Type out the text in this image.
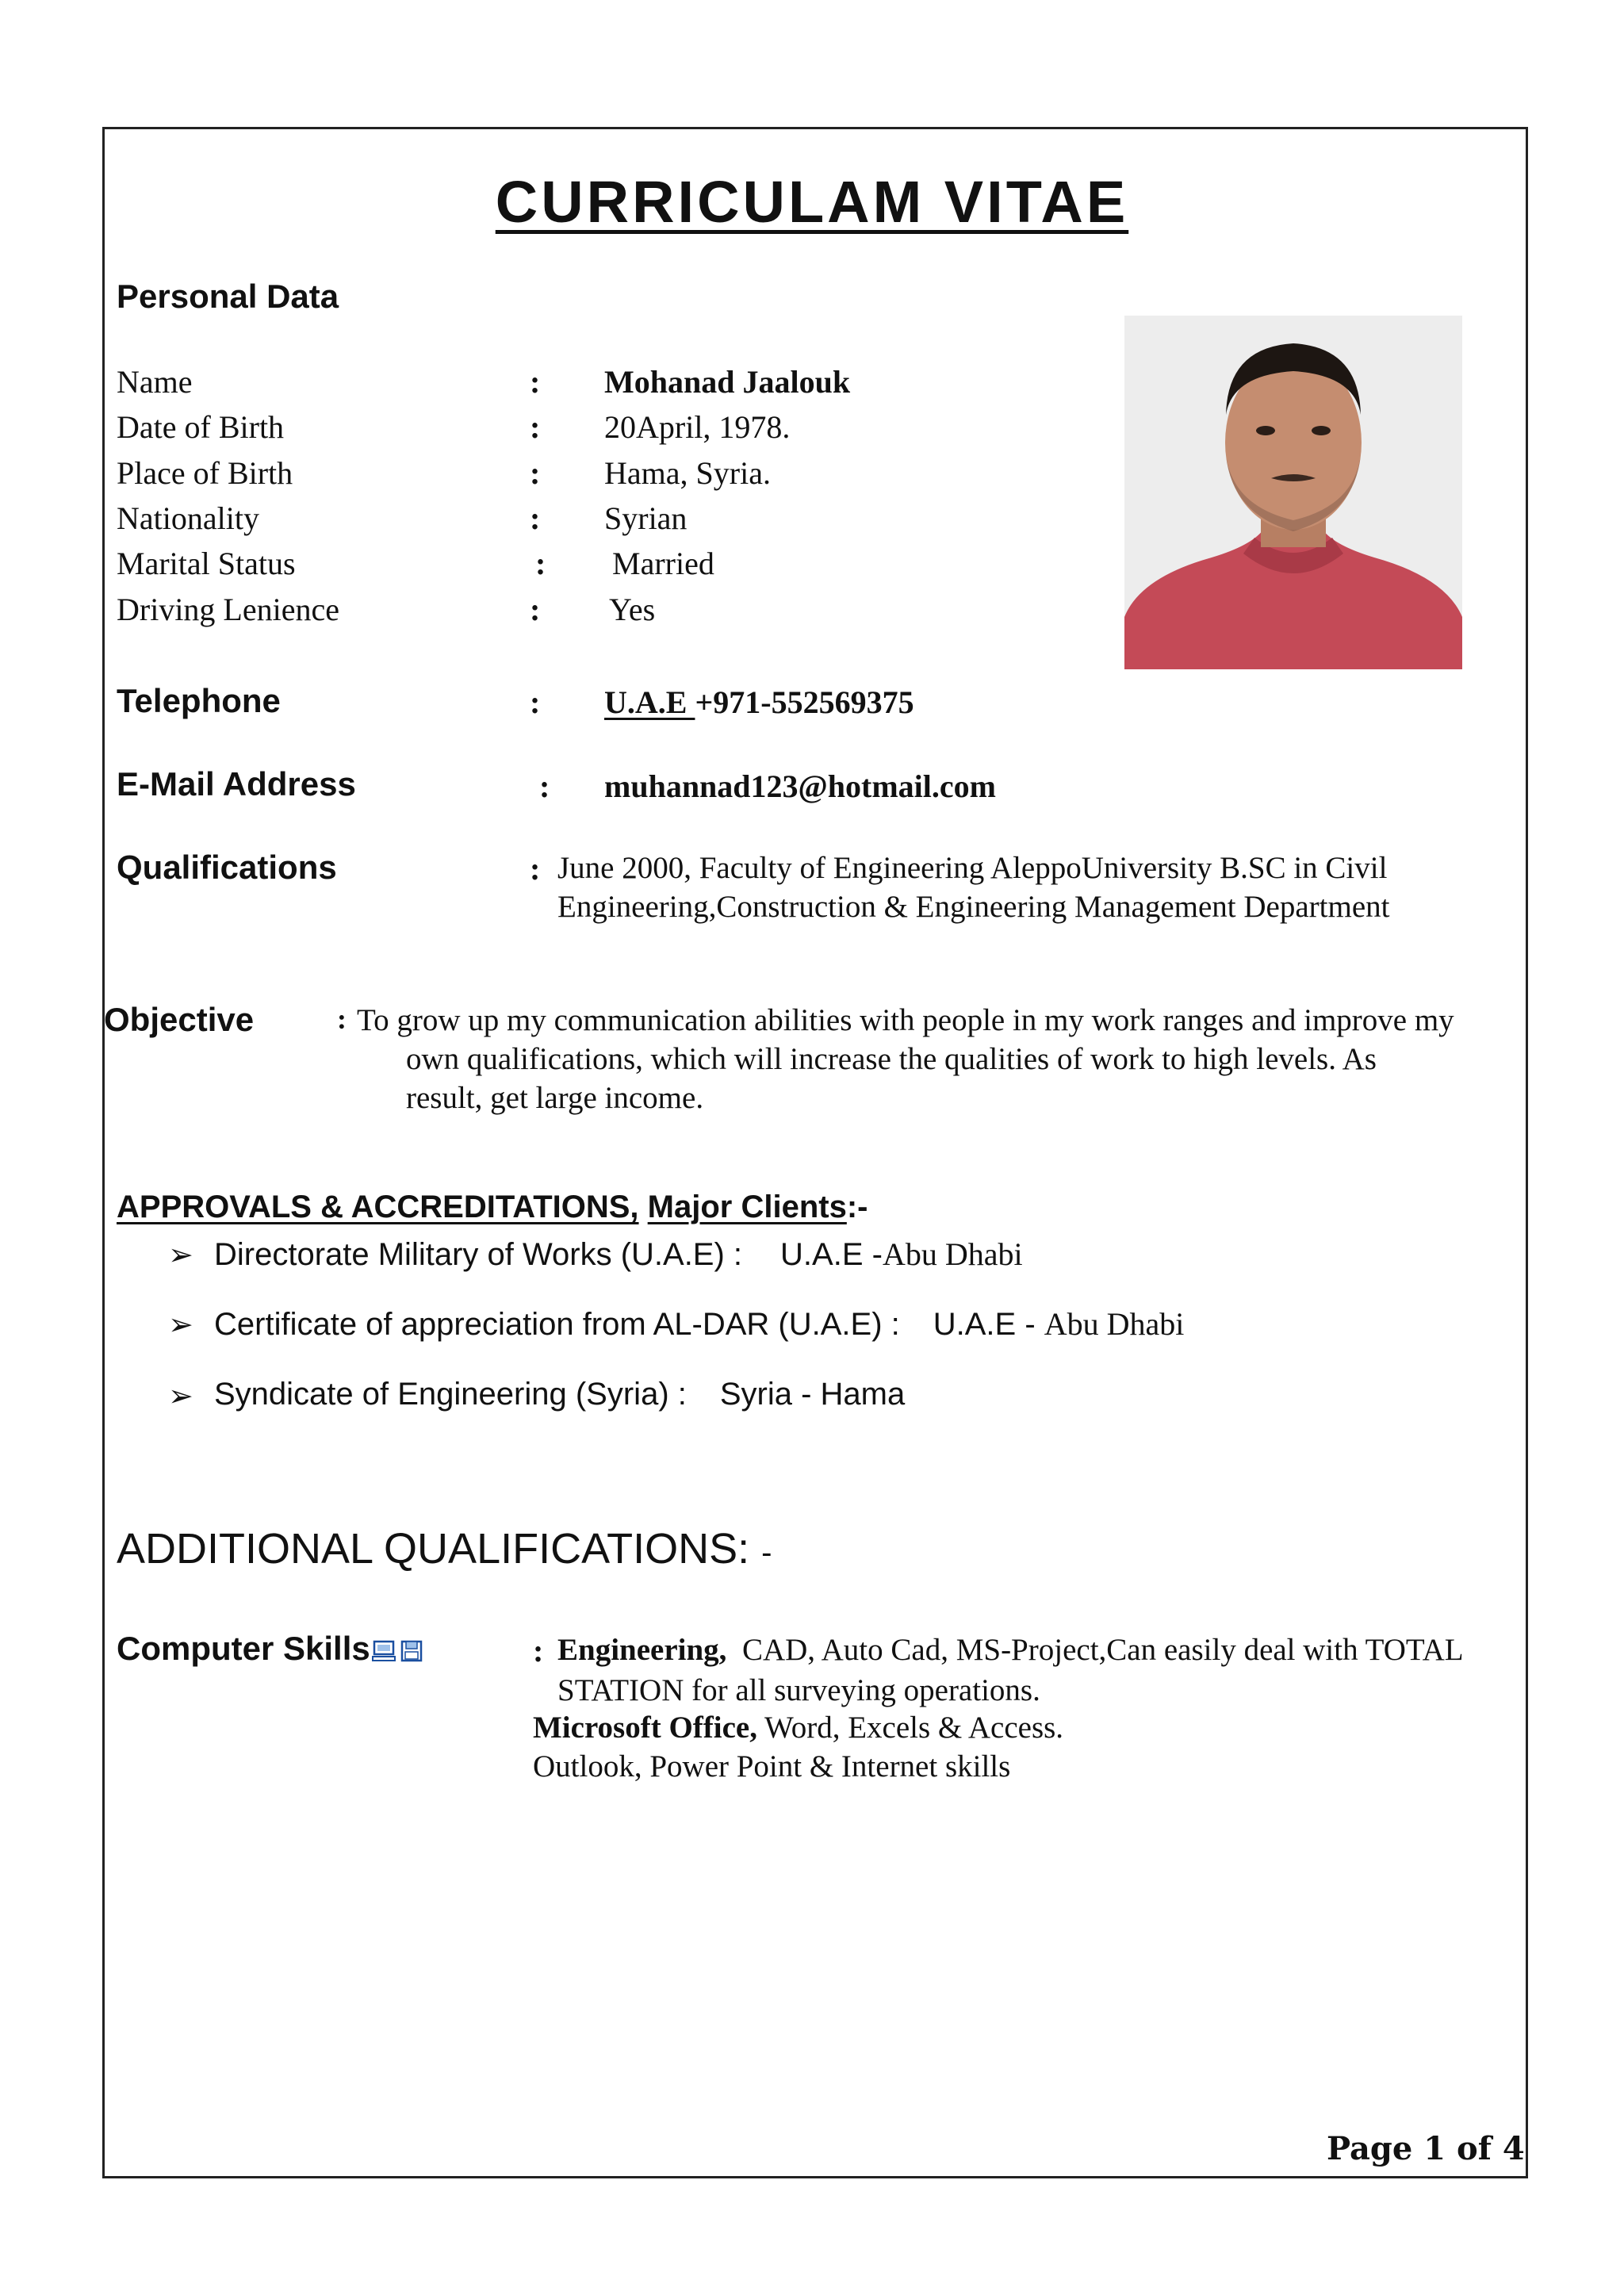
CURRICULAM VITAE
Personal Data
Name	: Mohanad Jaalouk
Date of Birth	: 20April, 1978.
Place of Birth	: Hama, Syria.
Nationality	: Syrian
Marital Status	: Married
Driving Lenience	: Yes
Telephone	: U.A.E +971-552569375
E-Mail Address	: muhannad123@hotmail.com
Qualifications	: June 2000, Faculty of Engineering AleppoUniversity B.SC in Civil
Engineering,Construction & Engineering Management Department
Objective	: To grow up my communication abilities with people in my work ranges and improve my
own qualifications, which will increase the qualities of work to high levels. As
result, get large income.
APPROVALS & ACCREDITATIONS, Major Clients:-
➢ Directorate Military of Works (U.A.E) : U.A.E -Abu Dhabi
➢ Certificate of appreciation from AL-DAR (U.A.E) : U.A.E - Abu Dhabi
➢ Syndicate of Engineering (Syria) : Syria - Hama
ADDITIONAL QUALIFICATIONS: -
Computer Skills	: Engineering, CAD, Auto Cad, MS-Project,Can easily deal with TOTAL
STATION for all surveying operations.
Microsoft Office, Word, Excels & Access.
Outlook, Power Point & Internet skills
Page 1 of 4
